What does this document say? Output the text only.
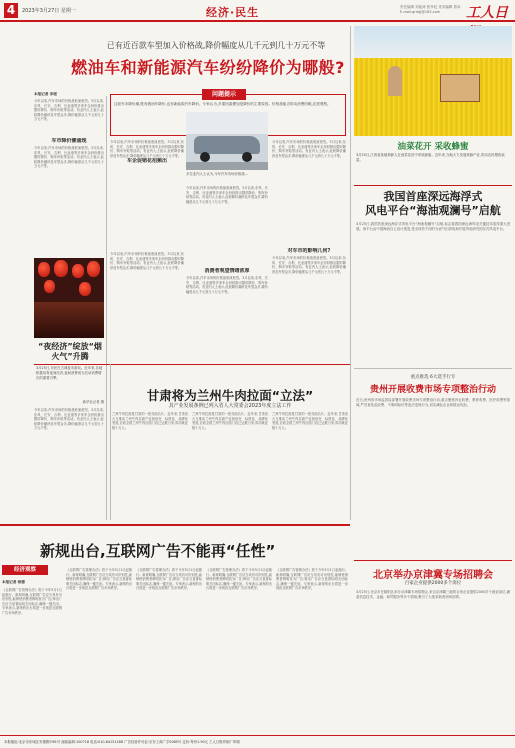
4	2023年3月27日 星期一	经济·民生	责任编辑 邓崔涛 张孝纪 美术编辑 曾卓 E-mail:grrbjj@163.com	工人日
已有近百款车型加入价格战,降价幅度从几千元到几十万元不等
燃油车和新能源汽车纷纷降价为哪般?
本报记者 李瑶
今年以来,汽车市场的价格战愈演愈烈。3月以来,东风、长安、吉利、比亚迪等多家车企纷纷推出限时降价、购车补贴等活动。有业内人士表示,此轮降价潮涉及车型众多,降价幅度从几千元到几十万元不等。
车市降价潮涌现
今年以来,汽车市场的价格战愈演愈烈。3月以来,东风、长安、吉利、比亚迪等多家车企纷纷推出限时降价、购车补贴等活动。有业内人士表示,此轮降价潮涉及车型众多,降价幅度从几千元到几十万元不等。
“夜经济”绽放“烟火气”升腾
3月25日,市民在古城夜市游玩。近年来,各地积极培育夜间经济,夜间消费成为拉动消费增长的重要引擎。
新华社记者 摄
今年以来,汽车市场的价格战愈演愈烈。3月以来,东风、长安、吉利、比亚迪等多家车企纷纷推出限时降价、购车补贴等活动。有业内人士表示,此轮降价潮涉及车型众多,降价幅度从几千元到几十万元不等。
问题提示
这轮车市降价潮,既有燃油车降价,也有新能源汽车降价。专家认为,多重因素叠加是降价的主要原因。价格战能否带动消费回暖,还需观察。
今年以来,汽车市场的价格战愈演愈烈。3月以来,东风、长安、吉利、比亚迪等多家车企纷纷推出限时降价、购车补贴等活动。有业内人士表示,此轮降价潮涉及车型众多,降价幅度从几千元到几十万元不等。
车企促销花招频出
今年以来,汽车市场的价格战愈演愈烈。3月以来,东风、长安、吉利、比亚迪等多家车企纷纷推出限时降价、购车补贴等活动。有业内人士表示,此轮降价潮涉及车型众多,降价幅度从几千元到几十万元不等。
多位业内人士认为,今年汽车市场价格战…
今年以来,汽车市场的价格战愈演愈烈。3月以来,东风、长安、吉利、比亚迪等多家车企纷纷推出限时降价、购车补贴等活动。有业内人士表示,此轮降价潮涉及车型众多,降价幅度从几千元到几十万元不等。
消费者观望情绪浓厚
今年以来,汽车市场的价格战愈演愈烈。3月以来,东风、长安、吉利、比亚迪等多家车企纷纷推出限时降价、购车补贴等活动。有业内人士表示,此轮降价潮涉及车型众多,降价幅度从几千元到几十万元不等。
今年以来,汽车市场的价格战愈演愈烈。3月以来,东风、长安、吉利、比亚迪等多家车企纷纷推出限时降价、购车补贴等活动。有业内人士表示,此轮降价潮涉及车型众多,降价幅度从几千元到几十万元不等。
对车市的影响几何?
今年以来,汽车市场的价格战愈演愈烈。3月以来,东风、长安、吉利、比亚迪等多家车企纷纷推出限时降价、购车补贴等活动。有业内人士表示,此轮降价潮涉及车型众多,降价幅度从几千元到几十万元不等。
油菜花开 采收蜂蜜
3月25日,江西省某地养蜂人在油菜花田中采收蜂蜜。近年来,当地大力发展养蜂产业,带动农民增收致富。
我国首座深远海浮式
风电平台“海油观澜号”启航
3月25日,我国首座深远海浮式风电平台“海油观澜号”启航,标志着我国深远海风电关键技术取得重大进展。该平台由中国海油自主设计建造,是全球首个同时为油气田供电和开展风电研究的浮式风电平台。
重点推选 6大选手行专
贵州开展收费市场专项整治行动
近日,贵州省市场监管局部署开展收费市场专项整治行动,重点聚焦涉企收费、教育收费、医疗收费等领域,严厉查处乱收费、不明码标价等违法违规行为,切实减轻企业和群众负担。
甘肃将为兰州牛肉拉面“立法”
其产业发展条例已列入省人大常委会2023年度立法工作
兰州牛肉拉面是甘肃的一张亮丽名片。近年来,甘肃省大力推动兰州牛肉拉面产业规范化、标准化、品牌化发展,目前全国兰州牛肉拉面门店已达数万家,带动就业数十万人。
兰州牛肉拉面是甘肃的一张亮丽名片。近年来,甘肃省大力推动兰州牛肉拉面产业规范化、标准化、品牌化发展,目前全国兰州牛肉拉面门店已达数万家,带动就业数十万人。
兰州牛肉拉面是甘肃的一张亮丽名片。近年来,甘肃省大力推动兰州牛肉拉面产业规范化、标准化、品牌化发展,目前全国兰州牛肉拉面门店已达数万家,带动就业数十万人。
新规出台,互联网广告不能再“任性”
经济观察
本报记者 杨德
《互联网广告管理办法》将于今年5月1日起施行。新规明确,互联网广告应当具有可识别性,能够使消费者辨明其为广告;弹出广告应当显著标明关闭标志,确保一键关闭。专家表示,新规的出台将进一步规范互联网广告市场秩序。
《互联网广告管理办法》将于今年5月1日起施行。新规明确,互联网广告应当具有可识别性,能够使消费者辨明其为广告;弹出广告应当显著标明关闭标志,确保一键关闭。专家表示,新规的出台将进一步规范互联网广告市场秩序。
《互联网广告管理办法》将于今年5月1日起施行。新规明确,互联网广告应当具有可识别性,能够使消费者辨明其为广告;弹出广告应当显著标明关闭标志,确保一键关闭。专家表示,新规的出台将进一步规范互联网广告市场秩序。
《互联网广告管理办法》将于今年5月1日起施行。新规明确,互联网广告应当具有可识别性,能够使消费者辨明其为广告;弹出广告应当显著标明关闭标志,确保一键关闭。专家表示,新规的出台将进一步规范互联网广告市场秩序。
《互联网广告管理办法》将于今年5月1日起施行。新规明确,互联网广告应当具有可识别性,能够使消费者辨明其为广告;弹出广告应当显著标明关闭标志,确保一键关闭。专家表示,新规的出台将进一步规范互联网广告市场秩序。
北京举办京津冀专场招聘会
百家企业提供2000多个岗位
3月25日,北京市在朝阳区举办京津冀专场招聘会,来自京津冀三地的百家企业提供2000多个就业岗位,涵盖信息技术、金融、商贸服务等多个领域,吸引了大批求职者到场应聘。
本报地址:北京市东城区安德路甲61号 邮政编码:100718 电话:010-84151188 广告经营许可证:京东工商广字0085号 定价:每份1.50元 工人日报印刷厂印刷
